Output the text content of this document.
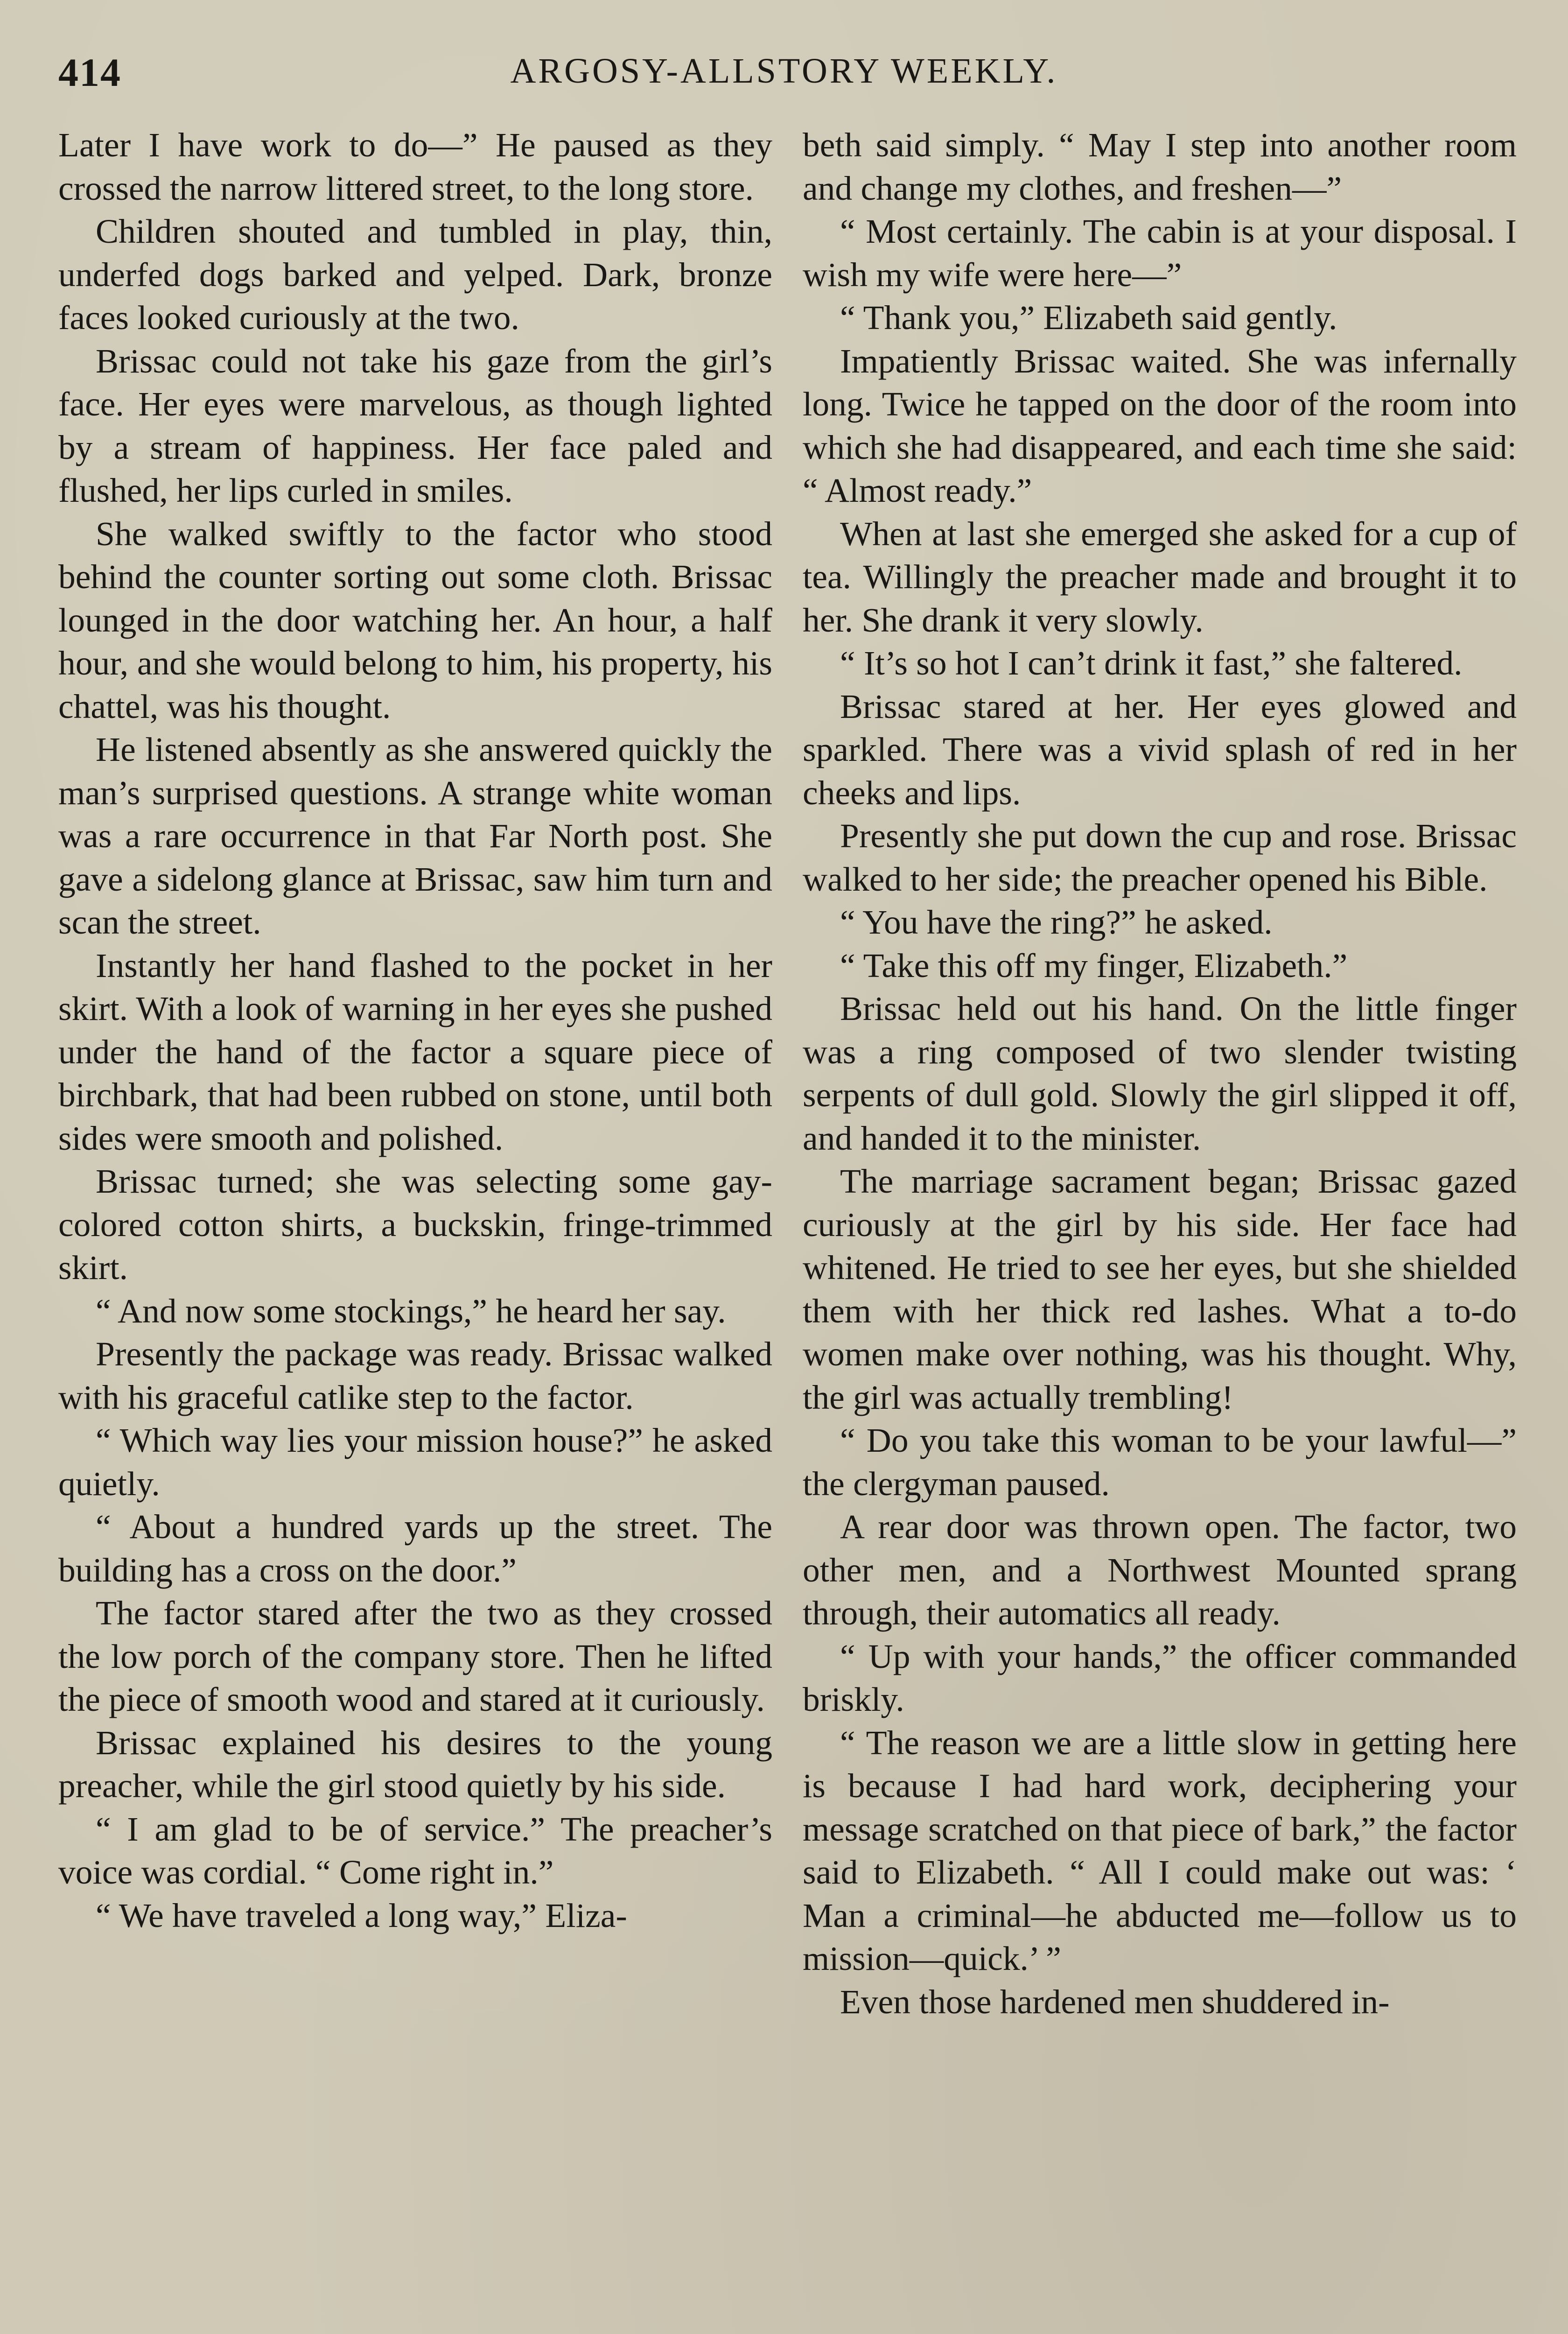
414	ARGOSY-ALLSTORY WEEKLY.

Later I have work to do—” He paused as they crossed the narrow littered street, to the long store.

Children shouted and tumbled in play, thin, underfed dogs barked and yelped. Dark, bronze faces looked curiously at the two.

Brissac could not take his gaze from the girl’s face. Her eyes were marvelous, as though lighted by a stream of happiness. Her face paled and flushed, her lips curled in smiles.

She walked swiftly to the factor who stood behind the counter sorting out some cloth. Brissac lounged in the door watching her. An hour, a half hour, and she would belong to him, his property, his chattel, was his thought.

He listened absently as she answered quickly the man’s surprised questions. A strange white woman was a rare occurrence in that Far North post. She gave a sidelong glance at Brissac, saw him turn and scan the street.

Instantly her hand flashed to the pocket in her skirt. With a look of warning in her eyes she pushed under the hand of the factor a square piece of birchbark, that had been rubbed on stone, until both sides were smooth and polished.

Brissac turned; she was selecting some gay-colored cotton shirts, a buckskin, fringe-trimmed skirt.

“ And now some stockings,” he heard her say.

Presently the package was ready. Brissac walked with his graceful catlike step to the factor.

“ Which way lies your mission house?” he asked quietly.

“ About a hundred yards up the street. The building has a cross on the door.”

The factor stared after the two as they crossed the low porch of the company store. Then he lifted the piece of smooth wood and stared at it curiously.

Brissac explained his desires to the young preacher, while the girl stood quietly by his side.

“ I am glad to be of service.” The preacher’s voice was cordial. “ Come right in.”

“ We have traveled a long way,” Eliza-

beth said simply. “ May I step into another room and change my clothes, and freshen—”

“ Most certainly. The cabin is at your disposal. I wish my wife were here—”

“ Thank you,” Elizabeth said gently.

Impatiently Brissac waited. She was infernally long. Twice he tapped on the door of the room into which she had disappeared, and each time she said: “ Almost ready.”

When at last she emerged she asked for a cup of tea. Willingly the preacher made and brought it to her. She drank it very slowly.

“ It’s so hot I can’t drink it fast,” she faltered.

Brissac stared at her. Her eyes glowed and sparkled. There was a vivid splash of red in her cheeks and lips.

Presently she put down the cup and rose. Brissac walked to her side; the preacher opened his Bible.

“ You have the ring?” he asked.

“ Take this off my finger, Elizabeth.”

Brissac held out his hand. On the little finger was a ring composed of two slender twisting serpents of dull gold. Slowly the girl slipped it off, and handed it to the minister.

The marriage sacrament began; Brissac gazed curiously at the girl by his side. Her face had whitened. He tried to see her eyes, but she shielded them with her thick red lashes. What a to-do women make over nothing, was his thought. Why, the girl was actually trembling!

“ Do you take this woman to be your lawful—” the clergyman paused.

A rear door was thrown open. The factor, two other men, and a Northwest Mounted sprang through, their automatics all ready.

“ Up with your hands,” the officer commanded briskly.

“ The reason we are a little slow in getting here is because I had hard work, deciphering your message scratched on that piece of bark,” the factor said to Elizabeth. “ All I could make out was: ‘ Man a criminal—he abducted me—follow us to mission—quick.’ ”

Even those hardened men shuddered in-
